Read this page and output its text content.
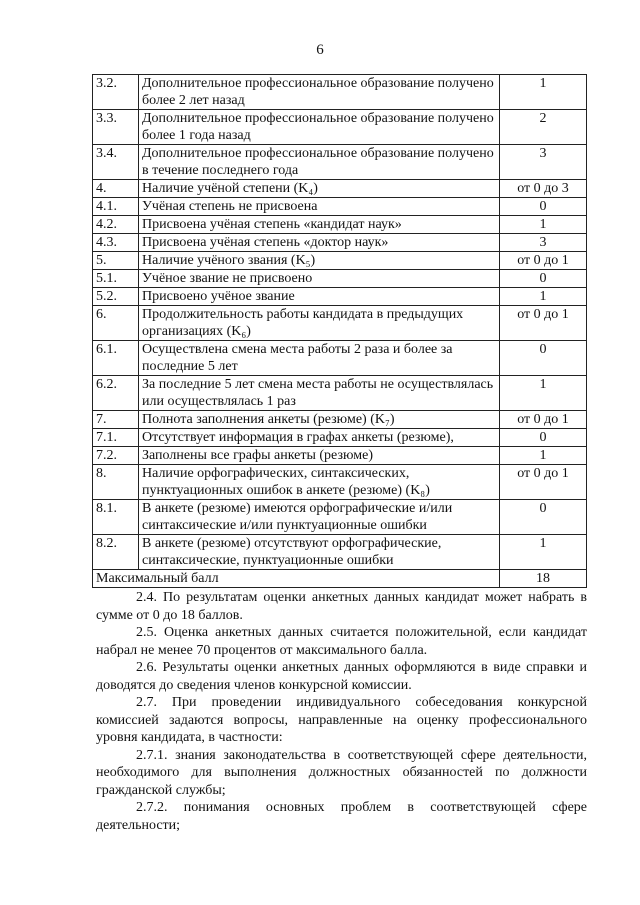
6
3.2.	Дополнительное профессиональное образование получено более 2 лет назад	1
3.3.	Дополнительное профессиональное образование получено более 1 года назад	2
3.4.	Дополнительное профессиональное образование получено в течение последнего года	3
4.	Наличие учёной степени (K₄)	от 0 до 3
4.1.	Учёная степень не присвоена	0
4.2.	Присвоена учёная степень «кандидат наук»	1
4.3.	Присвоена учёная степень «доктор наук»	3
5.	Наличие учёного звания (K₅)	от 0 до 1
5.1.	Учёное звание не присвоено	0
5.2.	Присвоено учёное звание	1
6.	Продолжительность работы кандидата в предыдущих организациях (K₆)	от 0 до 1
6.1.	Осуществлена смена места работы 2 раза и более за последние 5 лет	0
6.2.	За последние 5 лет смена места работы не осуществлялась или осуществлялась 1 раз	1
7.	Полнота заполнения анкеты (резюме) (K₇)	от 0 до 1
7.1.	Отсутствует информация в графах анкеты (резюме),	0
7.2.	Заполнены все графы анкеты (резюме)	1
8.	Наличие орфографических, синтаксических, пунктуационных ошибок в анкете (резюме) (K₈)	от 0 до 1
8.1.	В анкете (резюме) имеются орфографические и/или синтаксические и/или пунктуационные ошибки	0
8.2.	В анкете (резюме) отсутствуют орфографические, синтаксические, пунктуационные ошибки	1
Максимальный балл		18

2.4. По результатам оценки анкетных данных кандидат может набрать в сумме от 0 до 18 баллов.

2.5. Оценка анкетных данных считается положительной, если кандидат набрал не менее 70 процентов от максимального балла.

2.6. Результаты оценки анкетных данных оформляются в виде справки и доводятся до сведения членов конкурсной комиссии.

2.7. При проведении индивидуального собеседования конкурсной комиссией задаются вопросы, направленные на оценку профессионального уровня кандидата, в частности:

2.7.1. знания законодательства в соответствующей сфере деятельности, необходимого для выполнения должностных обязанностей по должности гражданской службы;

2.7.2. понимания основных проблем в соответствующей сфере деятельности;
